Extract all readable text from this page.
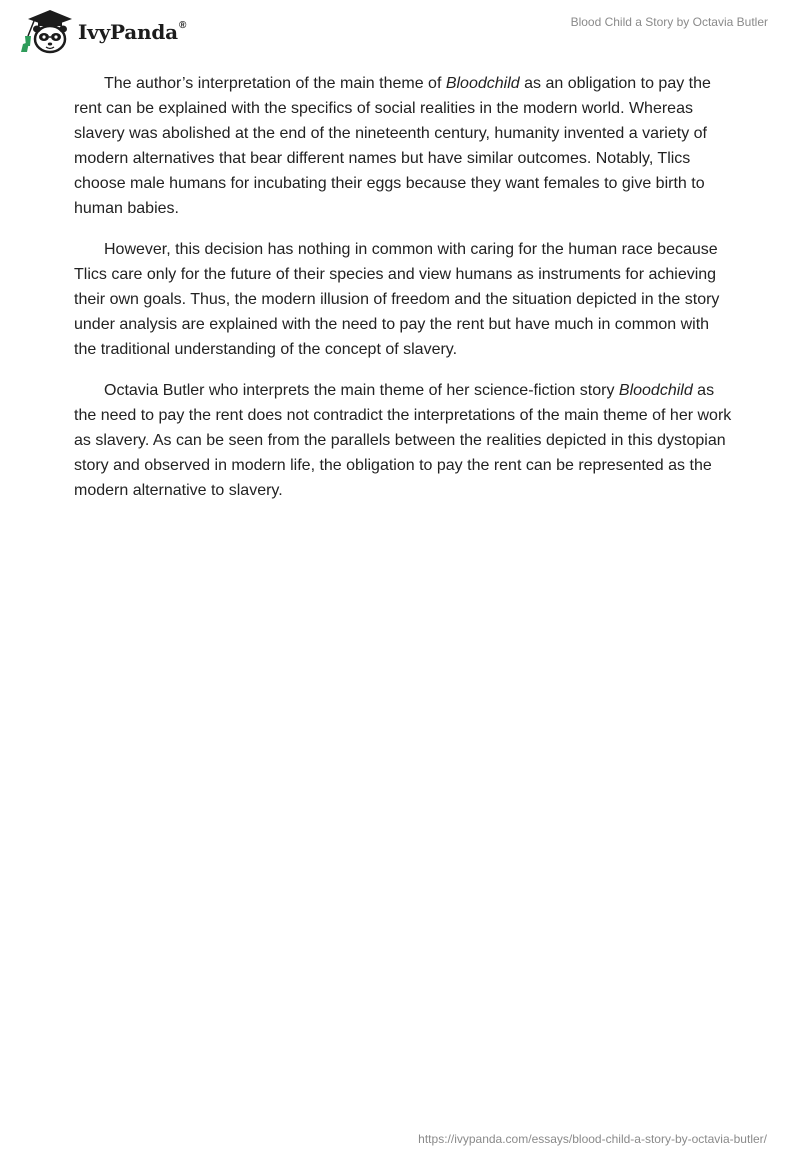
IvyPanda®	Blood Child a Story by Octavia Butler

The author’s interpretation of the main theme of Bloodchild as an obligation to pay the rent can be explained with the specifics of social realities in the modern world. Whereas slavery was abolished at the end of the nineteenth century, humanity invented a variety of modern alternatives that bear different names but have similar outcomes. Notably, Tlics choose male humans for incubating their eggs because they want females to give birth to human babies.

However, this decision has nothing in common with caring for the human race because Tlics care only for the future of their species and view humans as instruments for achieving their own goals. Thus, the modern illusion of freedom and the situation depicted in the story under analysis are explained with the need to pay the rent but have much in common with the traditional understanding of the concept of slavery.

Octavia Butler who interprets the main theme of her science-fiction story Bloodchild as the need to pay the rent does not contradict the interpretations of the main theme of her work as slavery. As can be seen from the parallels between the realities depicted in this dystopian story and observed in modern life, the obligation to pay the rent can be represented as the modern alternative to slavery.

https://ivypanda.com/essays/blood-child-a-story-by-octavia-butler/
